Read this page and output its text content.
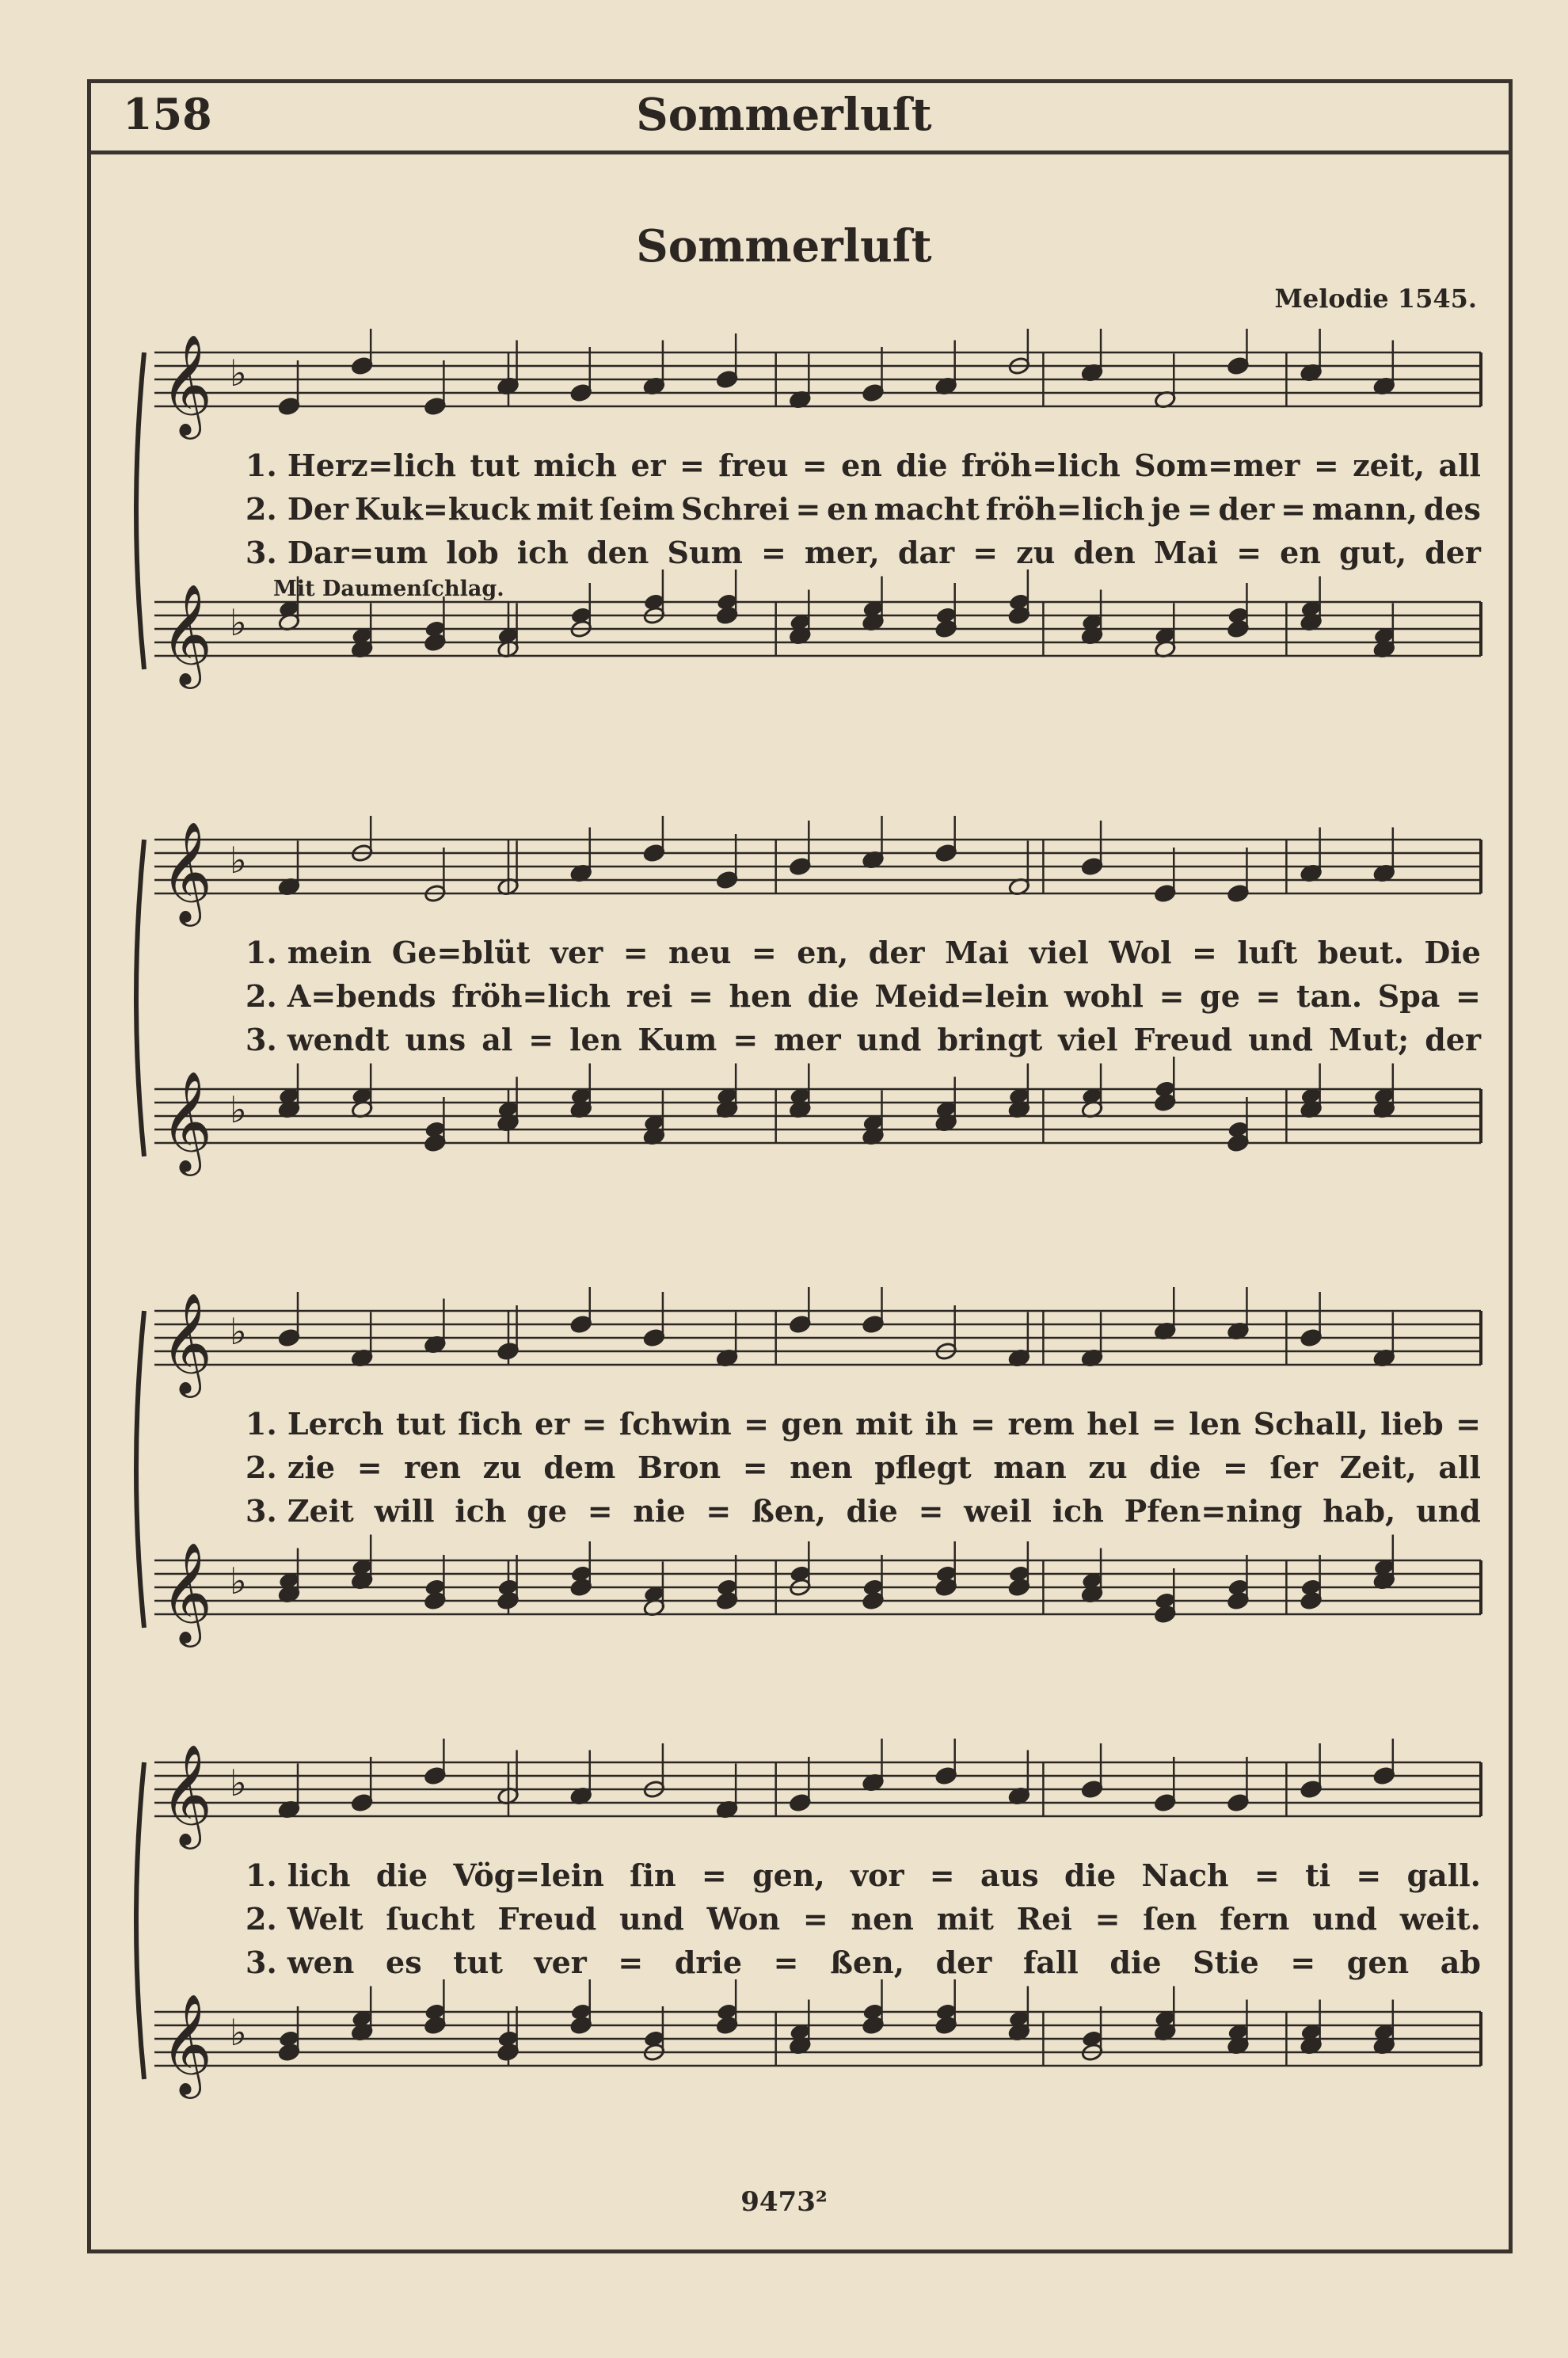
158	Sommerluſt
Sommerluſt
Melodie 1545.
𝄞 ♭
𝄞 ♭
1. Herz=lich tut mich er = freu = en die fröh=lich Som=mer = zeit, all
2. Der Kuk=kuck mit ſeim Schrei = en macht fröh=lich je = der = mann, des
3. Dar=um lob ich den Sum = mer, dar = zu den Mai = en gut, der
Mit Daumenſchlag.
𝄞 ♭
𝄞 ♭
1. mein Ge=blüt ver = neu = en, der Mai viel Wol = luſt beut. Die
2. A=bends fröh=lich rei = hen die Meid=lein wohl = ge = tan. Spa =
3. wendt uns al = len Kum = mer und bringt viel Freud und Mut; der
𝄞 ♭
𝄞 ♭
1. Lerch tut ſich er = ſchwin = gen mit ih = rem hel = len Schall, lieb =
2. zie = ren zu dem Bron = nen pflegt man zu die = ſer Zeit, all
3. Zeit will ich ge = nie = ßen, die = weil ich Pfen=ning hab, und
𝄞 ♭
𝄞 ♭
1. lich die Vög=lein ſin = gen, vor = aus die Nach = ti = gall.
2. Welt ſucht Freud und Won = nen mit Rei = ſen fern und weit.
3. wen es tut ver = drie = ßen, der fall die Stie = gen ab
9473²
